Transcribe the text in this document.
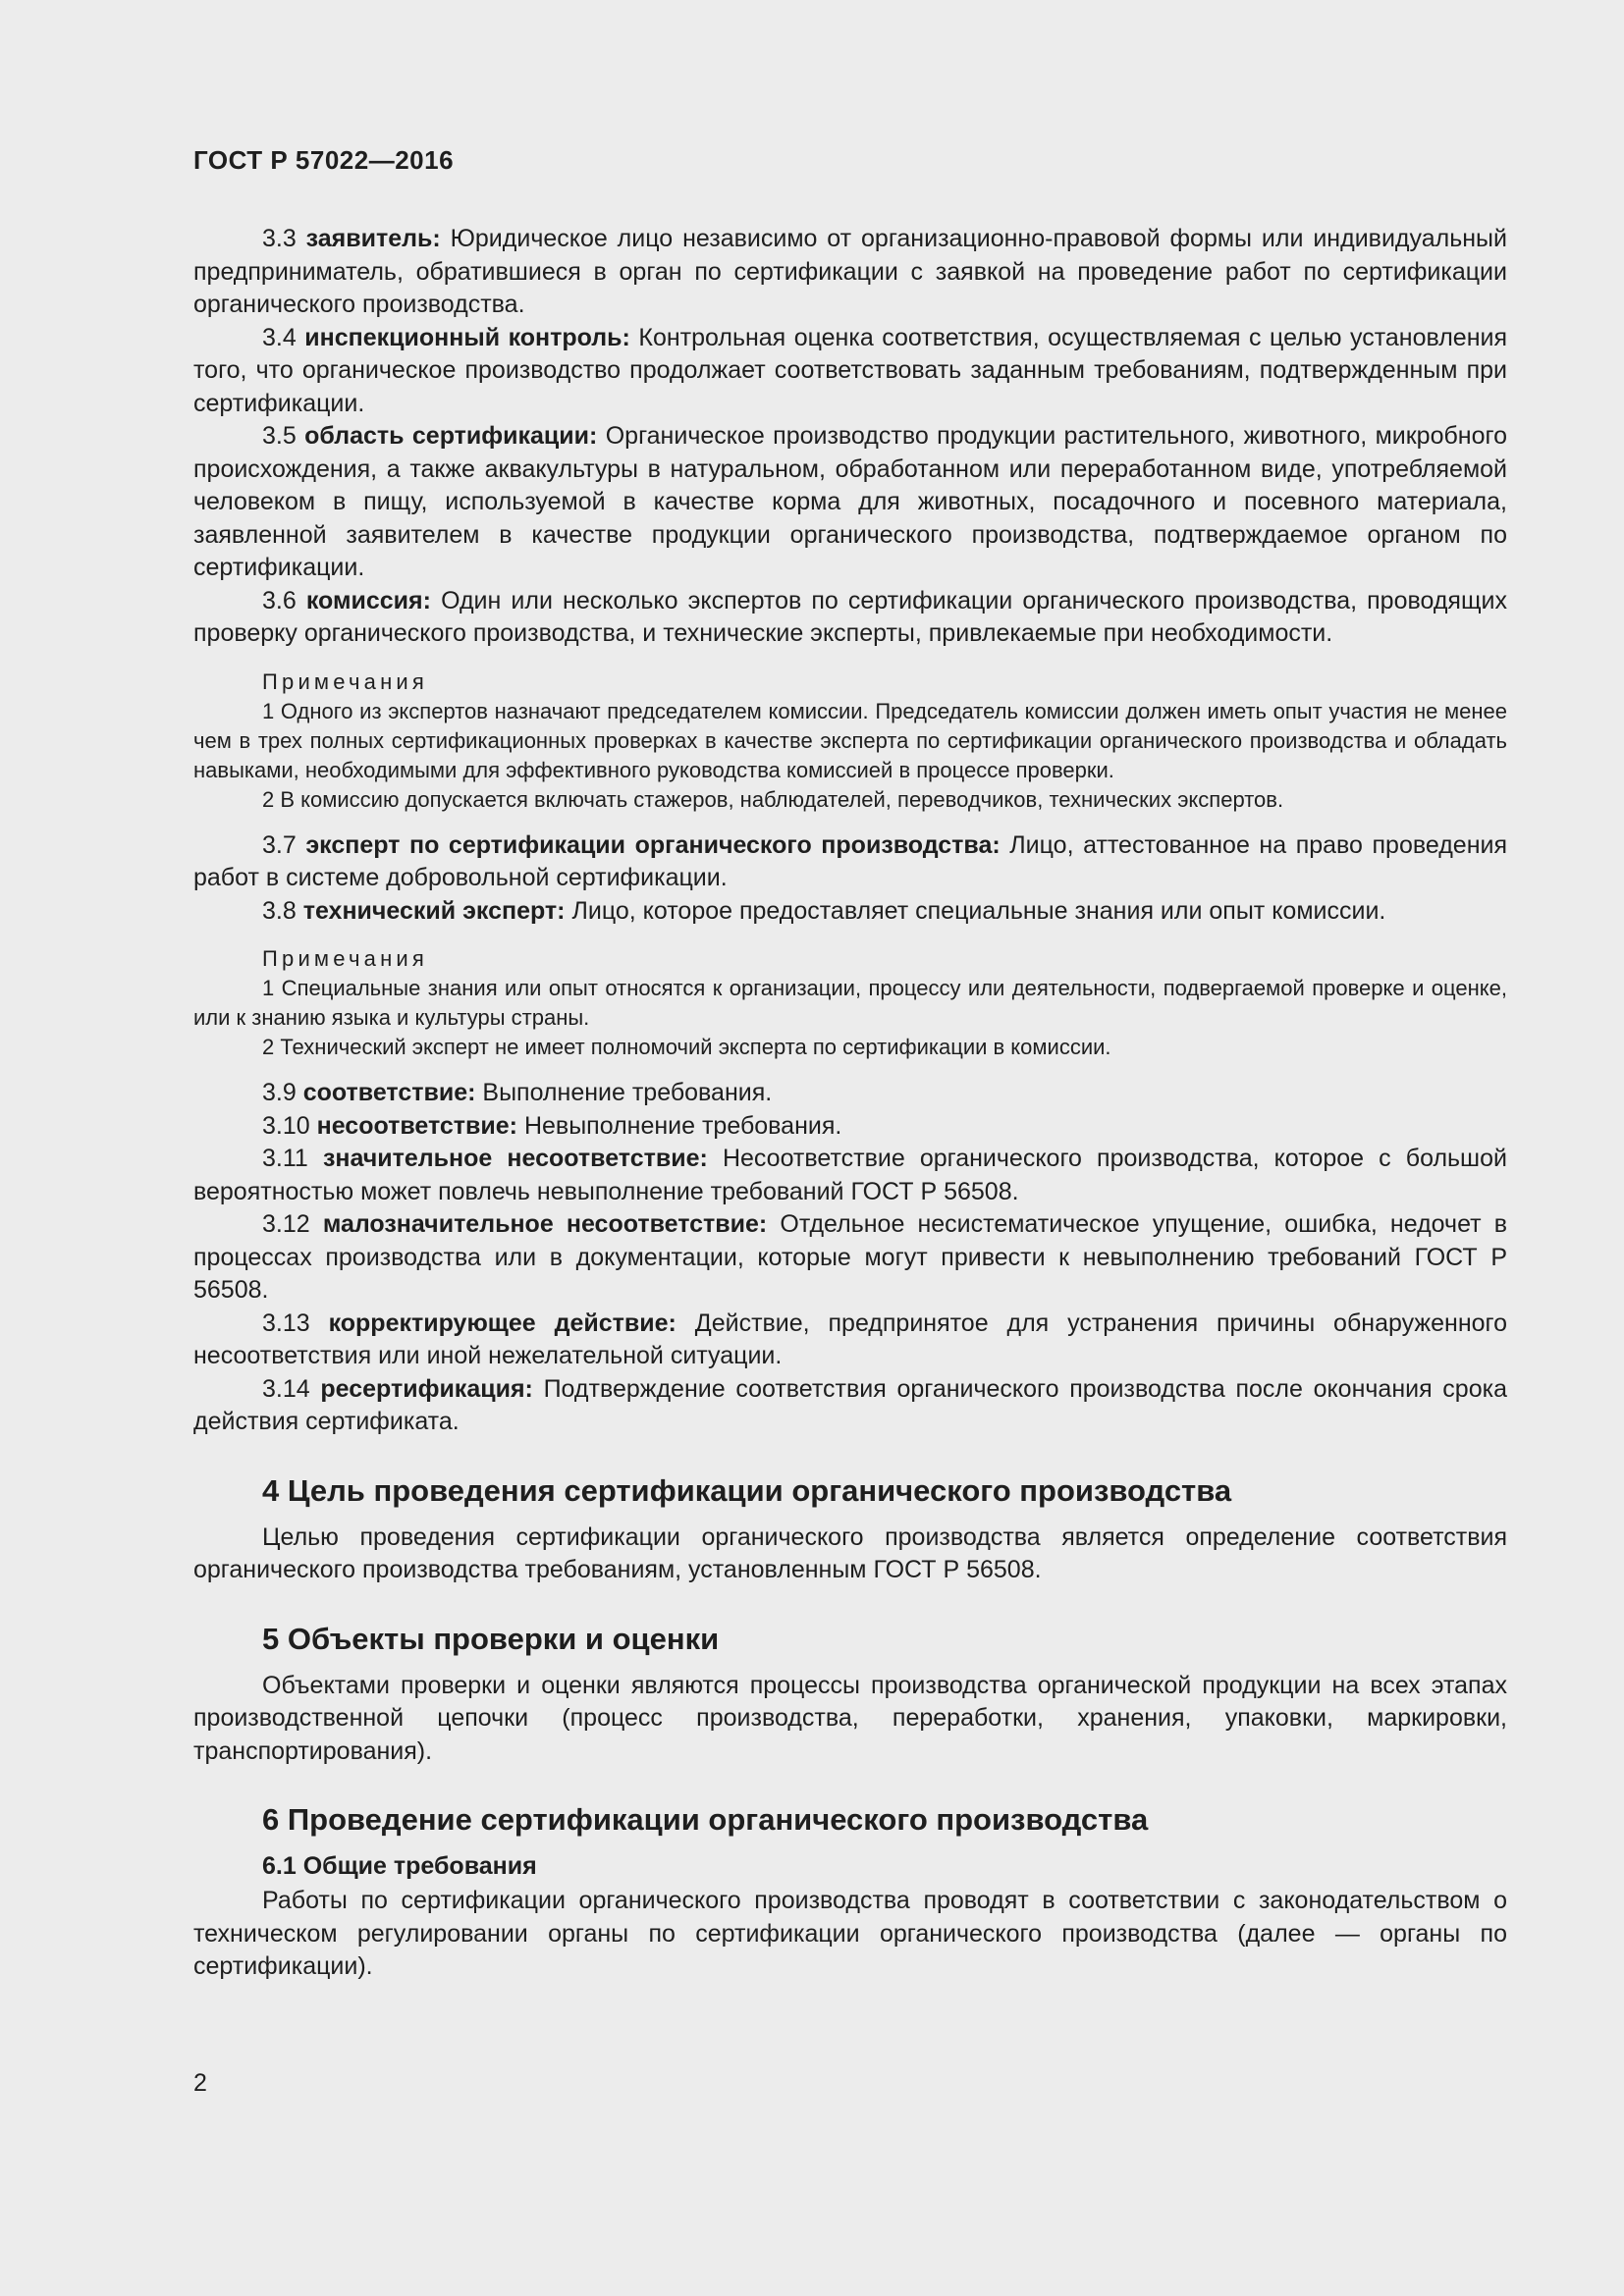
ГОСТ Р 57022—2016

3.3 заявитель: Юридическое лицо независимо от организационно-правовой формы или индивидуальный предприниматель, обратившиеся в орган по сертификации с заявкой на проведение работ по сертификации органического производства.

3.4 инспекционный контроль: Контрольная оценка соответствия, осуществляемая с целью установления того, что органическое производство продолжает соответствовать заданным требованиям, подтвержденным при сертификации.

3.5 область сертификации: Органическое производство продукции растительного, животного, микробного происхождения, а также аквакультуры в натуральном, обработанном или переработанном виде, употребляемой человеком в пищу, используемой в качестве корма для животных, посадочного и посевного материала, заявленной заявителем в качестве продукции органического производства, подтверждаемое органом по сертификации.

3.6 комиссия: Один или несколько экспертов по сертификации органического производства, проводящих проверку органического производства, и технические эксперты, привлекаемые при необходимости.

Примечания

1 Одного из экспертов назначают председателем комиссии. Председатель комиссии должен иметь опыт участия не менее чем в трех полных сертификационных проверках в качестве эксперта по сертификации органического производства и обладать навыками, необходимыми для эффективного руководства комиссией в процессе проверки.

2 В комиссию допускается включать стажеров, наблюдателей, переводчиков, технических экспертов.

3.7 эксперт по сертификации органического производства: Лицо, аттестованное на право проведения работ в системе добровольной сертификации.

3.8 технический эксперт: Лицо, которое предоставляет специальные знания или опыт комиссии.

Примечания

1 Специальные знания или опыт относятся к организации, процессу или деятельности, подвергаемой проверке и оценке, или к знанию языка и культуры страны.

2 Технический эксперт не имеет полномочий эксперта по сертификации в комиссии.

3.9 соответствие: Выполнение требования.

3.10 несоответствие: Невыполнение требования.

3.11 значительное несоответствие: Несоответствие органического производства, которое с большой вероятностью может повлечь невыполнение требований ГОСТ Р 56508.

3.12 малозначительное несоответствие: Отдельное несистематическое упущение, ошибка, недочет в процессах производства или в документации, которые могут привести к невыполнению требований ГОСТ Р 56508.

3.13 корректирующее действие: Действие, предпринятое для устранения причины обнаруженного несоответствия или иной нежелательной ситуации.

3.14 ресертификация: Подтверждение соответствия органического производства после окончания срока действия сертификата.

4 Цель проведения сертификации органического производства

Целью проведения сертификации органического производства является определение соответствия органического производства требованиям, установленным ГОСТ Р 56508.

5 Объекты проверки и оценки

Объектами проверки и оценки являются процессы производства органической продукции на всех этапах производственной цепочки (процесс производства, переработки, хранения, упаковки, маркировки, транспортирования).

6 Проведение сертификации органического производства
6.1 Общие требования

Работы по сертификации органического производства проводят в соответствии с законодательством о техническом регулировании органы по сертификации органического производства (далее — органы по сертификации).

2
